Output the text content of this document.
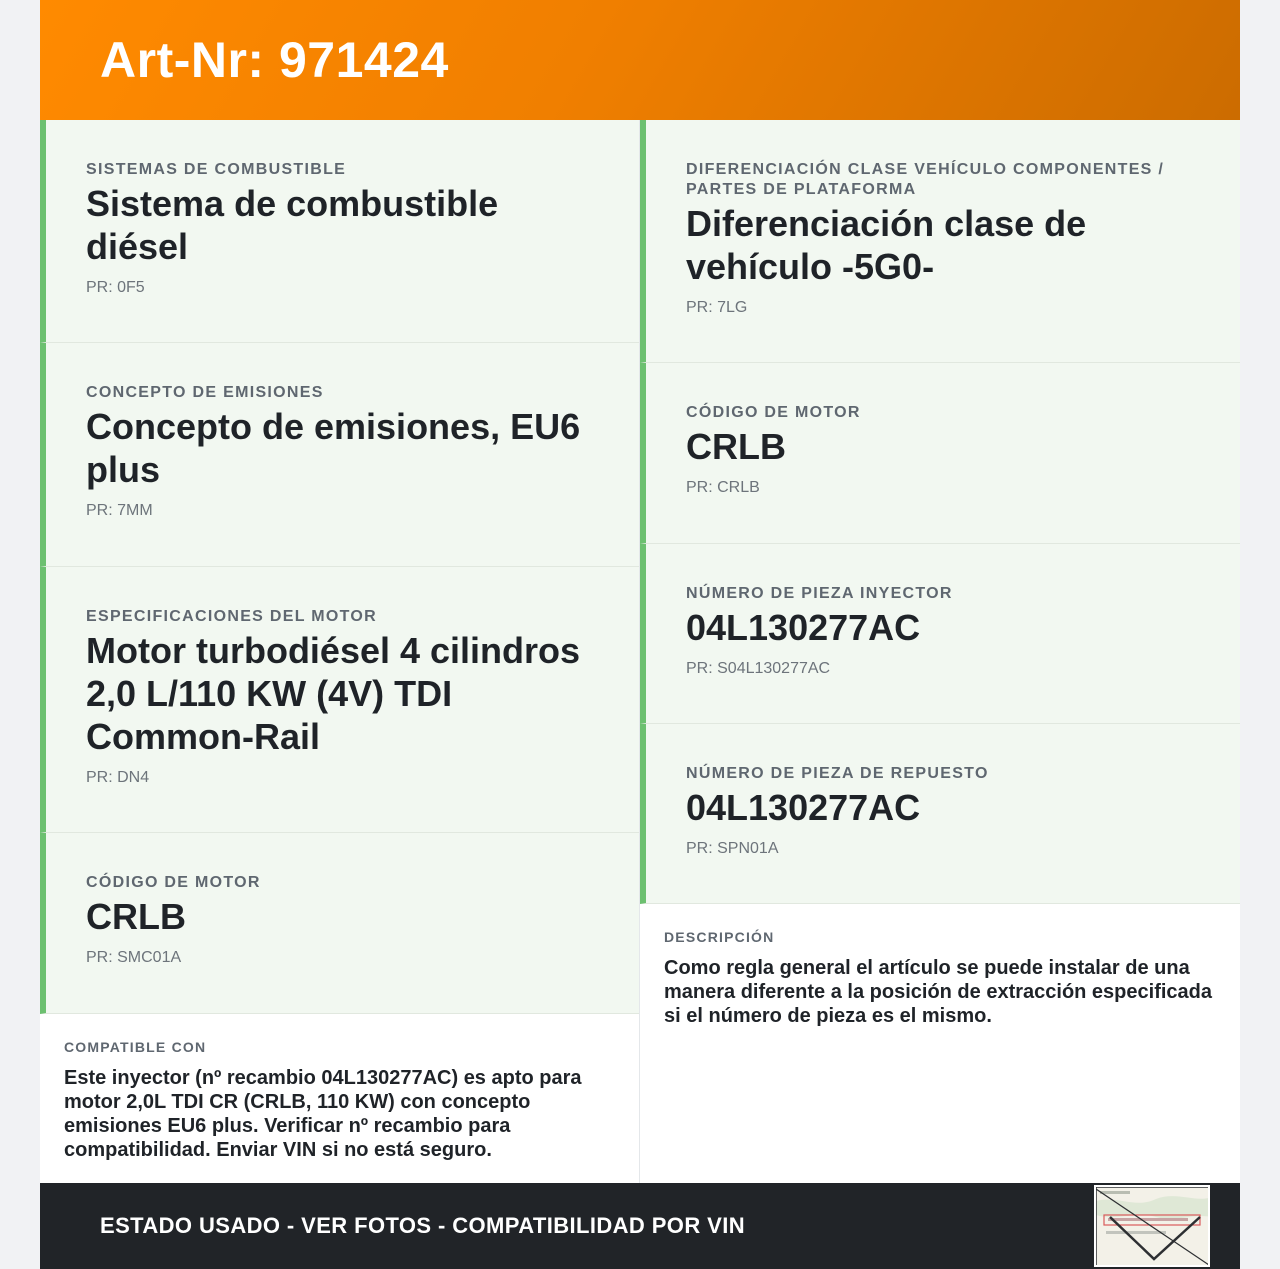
Art-Nr: 971424
SISTEMAS DE COMBUSTIBLE
Sistema de combustible diésel
PR: 0F5
CONCEPTO DE EMISIONES
Concepto de emisiones, EU6 plus
PR: 7MM
ESPECIFICACIONES DEL MOTOR
Motor turbodiésel 4 cilindros 2,0 L/110 KW (4V) TDI Common-Rail
PR: DN4
CÓDIGO DE MOTOR
CRLB
PR: SMC01A
COMPATIBLE CON
Este inyector (nº recambio 04L130277AC) es apto para motor 2,0L TDI CR (CRLB, 110 KW) con concepto emisiones EU6 plus. Verificar nº recambio para compatibilidad. Enviar VIN si no está seguro.
DIFERENCIACIÓN CLASE VEHÍCULO COMPONENTES / PARTES DE PLATAFORMA
Diferenciación clase de vehículo -5G0-
PR: 7LG
CÓDIGO DE MOTOR
CRLB
PR: CRLB
NÚMERO DE PIEZA INYECTOR
04L130277AC
PR: S04L130277AC
NÚMERO DE PIEZA DE REPUESTO
04L130277AC
PR: SPN01A
DESCRIPCIÓN
Como regla general el artículo se puede instalar de una manera diferente a la posición de extracción especificada si el número de pieza es el mismo.
ESTADO USADO - VER FOTOS - COMPATIBILIDAD POR VIN
